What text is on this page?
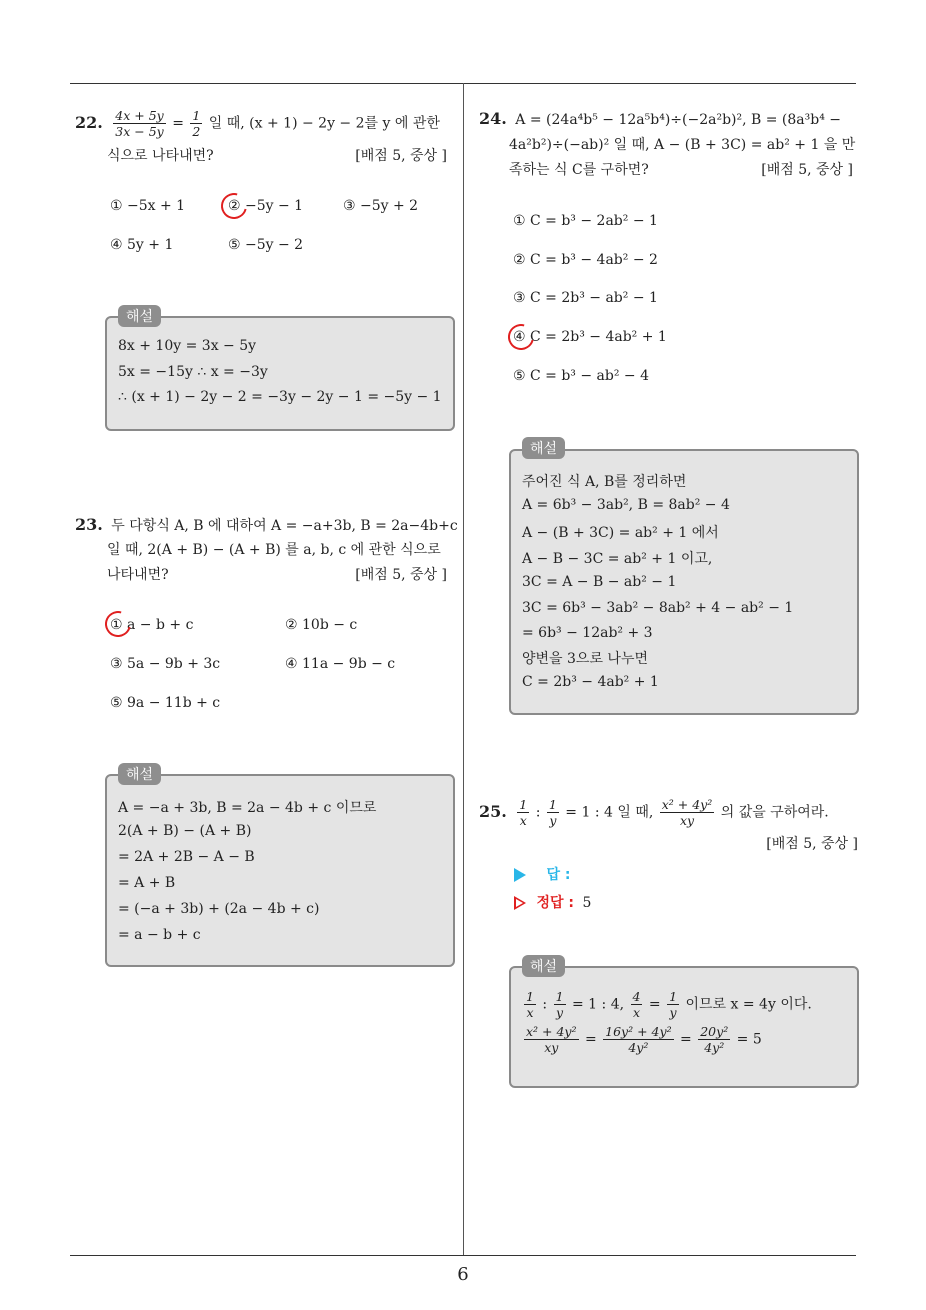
6
22. $\frac{4x + 5y}{3x - 5y} = \frac{1}{2}$ 일 때, (x + 1) − 2y − 2를 y 에 관한
식으로 나타내면?	[배점 5, 중상 ]
① −5x + 1	② −5y − 1	③ −5y + 2
④ 5y + 1	⑤ −5y − 2
해설
8x + 10y = 3x − 5y
5x = −15y ∴ x = −3y
∴ (x + 1) − 2y − 2 = −3y − 2y − 1 = −5y − 1
23. 두 다항식 A, B 에 대하여 A = −a+3b, B = 2a−4b+c
일 때, 2(A + B) − (A + B) 를 a, b, c 에 관한 식으로
나타내면?	[배점 5, 중상 ]
① a − b + c	② 10b − c
③ 5a − 9b + 3c	④ 11a − 9b − c
⑤ 9a − 11b + c
해설
A = −a + 3b, B = 2a − 4b + c 이므로
2(A + B) − (A + B)
= 2A + 2B − A − B
= A + B
= (−a + 3b) + (2a − 4b + c)
= a − b + c
24. A = (24a⁴b⁵ − 12a⁵b⁴)÷(−2a²b)², B = (8a³b⁴ −
4a²b²)÷(−ab)² 일 때, A − (B + 3C) = ab² + 1 을 만
족하는 식 C를 구하면?	[배점 5, 중상 ]
① C = b³ − 2ab² − 1
② C = b³ − 4ab² − 2
③ C = 2b³ − ab² − 1
④ C = 2b³ − 4ab² + 1
⑤ C = b³ − ab² − 4
해설
주어진 식 A, B를 정리하면
A = 6b³ − 3ab², B = 8ab² − 4
A − (B + 3C) = ab² + 1 에서
A − B − 3C = ab² + 1 이고,
3C = A − B − ab² − 1
3C = 6b³ − 3ab² − 8ab² + 4 − ab² − 1
= 6b³ − 12ab² + 3
양변을 3으로 나누면
C = 2b³ − 4ab² + 1
25. $\frac{1}{x}$ : $\frac{1}{y} = 1$ : 4 일 때, $\frac{\text{x² + 4y²}}{xy}$ 의 값을 구하여라.
[배점 5, 중상 ]
답 :
정답 : 5
해설
$\frac{1}{x}$ : $\frac{1}{y} = 1$ : 4, $\frac{4}{x} = \frac{1}{y}$ 이므로 x = 4y 이다.
$\frac{\text{x² + 4y²}}{xy} = \frac{\text{16y² + 4y²}}{\text{4y²}} = \frac{\text{20y²}}{\text{4y²}} = 5$
